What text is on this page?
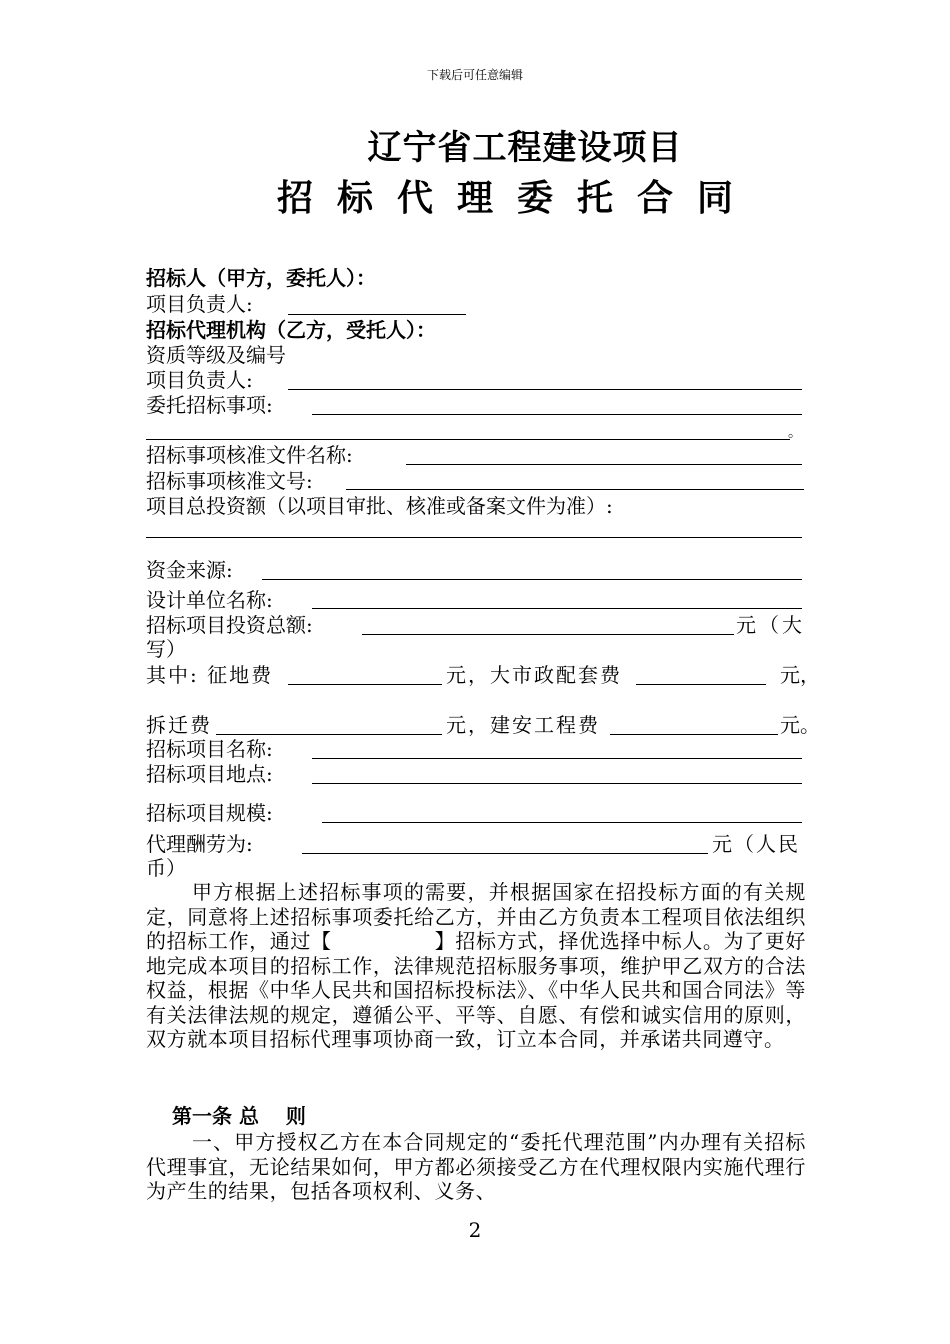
下载后可任意编辑
辽宁省工程建设项目
招标代理委托合同
招标人（甲方，委托人）：
项目负责人:
招标代理机构（乙方，受托人）：
资质等级及编号
项目负责人:
委托招标事项:
。
招标事项核准文件名称:
招标事项核准文号:
项目总投资额（以项目审批、核准或备案文件为准）:
资金来源:
设计单位名称:
招标项目投资总额:	元（大
写）
其中: 征地费	元，大市政配套费	元，
拆迁费	元，建安工程费	元。
招标项目名称:
招标项目地点:
招标项目规模:
代理酬劳为:	元（人民
币）
甲方根据上述招标事项的需要，并根据国家在招投标方面的有关规定，同意将上述招标事项委托给乙方，并由乙方负责本工程项目依法组织的招标工作，通过【　　　　　】招标方式，择优选择中标人。为了更好地完成本项目的招标工作，法律规范招标服务事项，维护甲乙双方的合法权益，根据《中华人民共和国招标投标法》、《中华人民共和国合同法》等有关法律法规的规定，遵循公平、平等、自愿、有偿和诚实信用的原则，双方就本项目招标代理事项协商一致，订立本合同，并承诺共同遵守。
第一条 总　 则
一、甲方授权乙方在本合同规定的“委托代理范围”内办理有关招标代理事宜，无论结果如何，甲方都必须接受乙方在代理权限内实施代理行为产生的结果，包括各项权利、义务、
2
